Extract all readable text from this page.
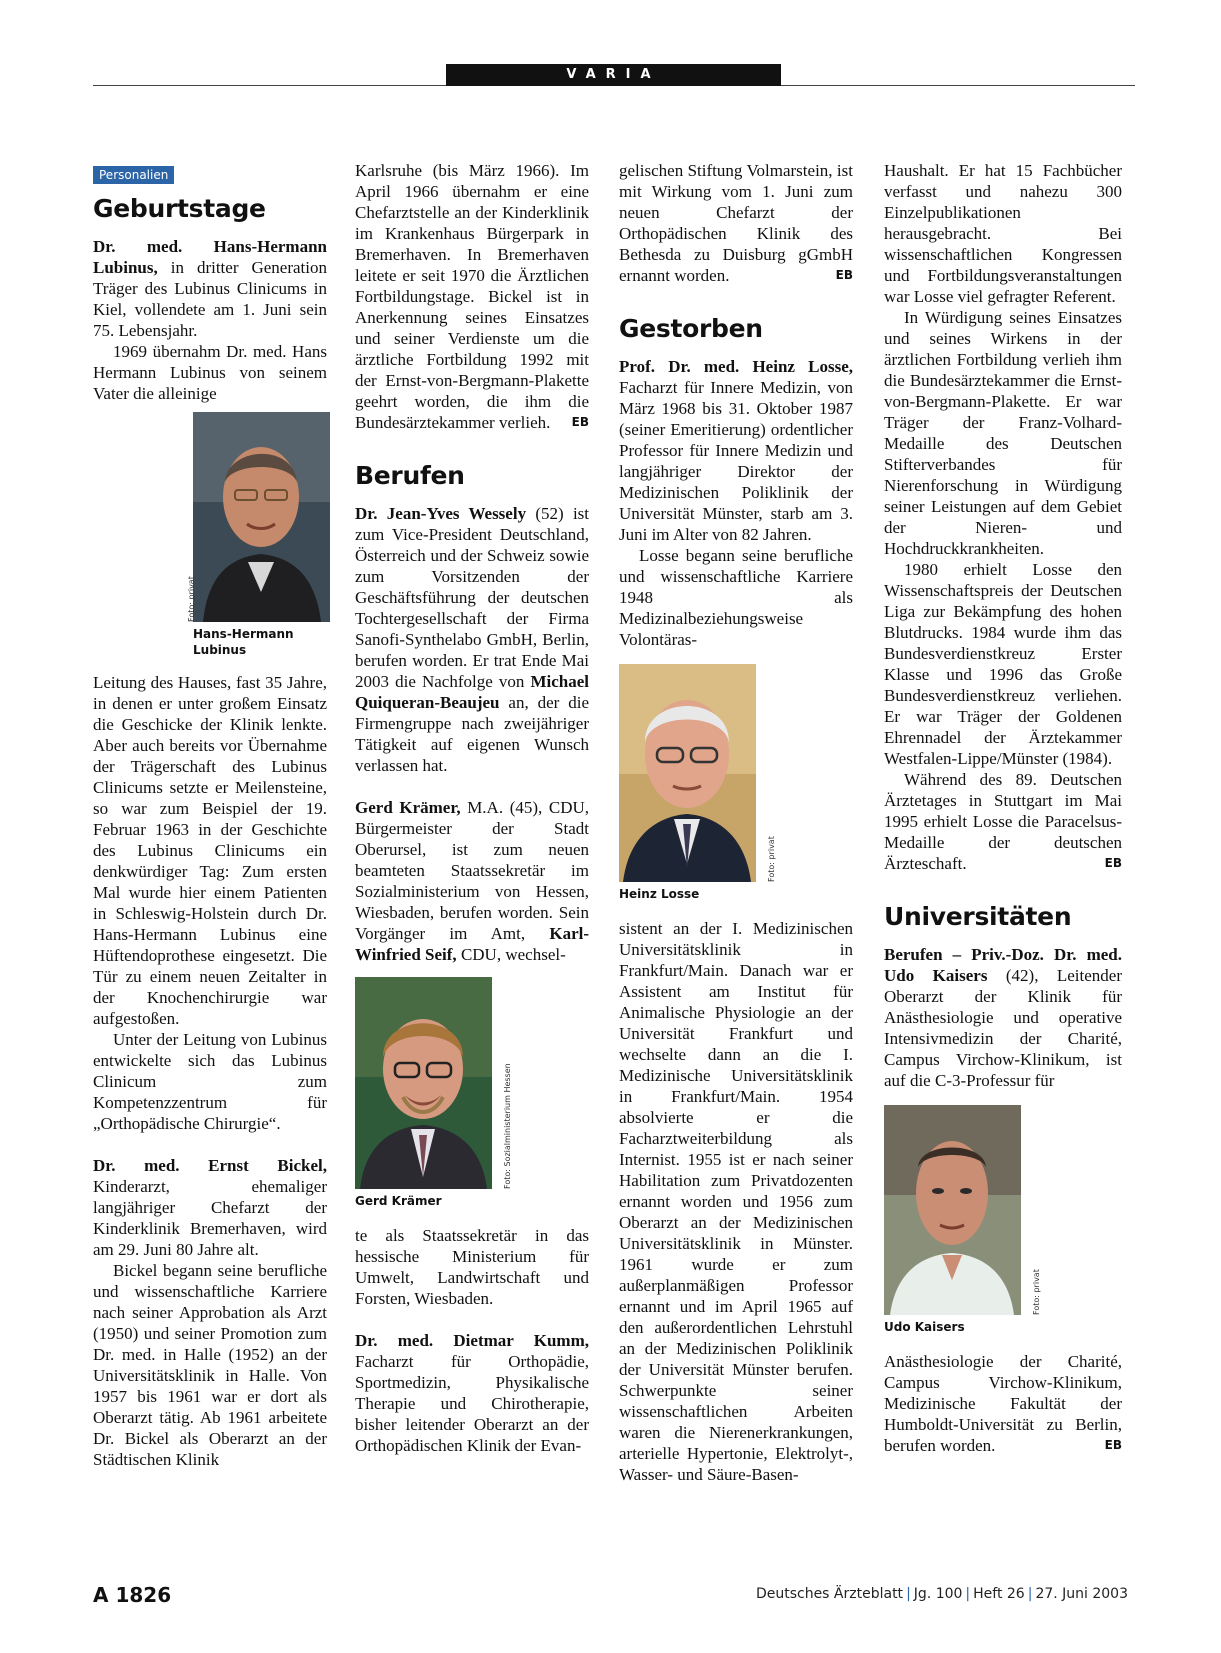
VARIA
Personalien
Geburtstage

Dr. med. Hans-Hermann Lubinus, in dritter Generation Träger des Lubinus Clinicums in Kiel, vollendete am 1. Juni sein 75. Lebensjahr.

1969 übernahm Dr. med. Hans Hermann Lubinus von seinem Vater die alleinige

Foto: privat
Hans-Hermann Lubinus

Leitung des Hauses, fast 35 Jahre, in denen er unter großem Einsatz die Geschicke der Klinik lenkte. Aber auch bereits vor Übernahme der Trägerschaft des Lubinus Clinicums setzte er Meilensteine, so war zum Beispiel der 19. Februar 1963 in der Geschichte des Lubinus Clinicums ein denkwürdiger Tag: Zum ersten Mal wurde hier einem Patienten in Schleswig-Holstein durch Dr. Hans-Hermann Lubinus eine Hüftendoprothese eingesetzt. Die Tür zu einem neuen Zeitalter in der Knochenchirurgie war aufgestoßen.

Unter der Leitung von Lubinus entwickelte sich das Lubinus Clinicum zum Kompetenzzentrum für „Orthopädische Chirurgie“.

Dr. med. Ernst Bickel, Kinderarzt, ehemaliger langjähriger Chefarzt der Kinderklinik Bremerhaven, wird am 29. Juni 80 Jahre alt.

Bickel begann seine berufliche und wissenschaftliche Karriere nach seiner Approbation als Arzt (1950) und seiner Promotion zum Dr. med. in Halle (1952) an der Universitätsklinik in Halle. Von 1957 bis 1961 war er dort als Oberarzt tätig. Ab 1961 arbeitete Dr. Bickel als Oberarzt an der Städtischen Klinik

Karlsruhe (bis März 1966). Im April 1966 übernahm er eine Chefarztstelle an der Kinderklinik im Krankenhaus Bürgerpark in Bremerhaven. In Bremerhaven leitete er seit 1970 die Ärztlichen Fortbildungstage. Bickel ist in Anerkennung seines Einsatzes und seiner Verdienste um die ärztliche Fortbildung 1992 mit der Ernst-von-Bergmann-Plakette geehrt worden, die ihm die Bundesärztekammer verlieh. EB

Berufen

Dr. Jean-Yves Wessely (52) ist zum Vice-President Deutschland, Österreich und der Schweiz sowie zum Vorsitzenden der Geschäftsführung der deutschen Tochtergesellschaft der Firma Sanofi-Synthelabo GmbH, Berlin, berufen worden. Er trat Ende Mai 2003 die Nachfolge von Michael Quiqueran-Beaujeu an, der die Firmengruppe nach zweijähriger Tätigkeit auf eigenen Wunsch verlassen hat.

Gerd Krämer, M.A. (45), CDU, Bürgermeister der Stadt Oberursel, ist zum neuen beamteten Staatssekretär im Sozialministerium von Hessen, Wiesbaden, berufen worden. Sein Vorgänger im Amt, Karl-Winfried Seif, CDU, wechsel-

Foto: Sozialministerium Hessen
Gerd Krämer

te als Staatssekretär in das hessische Ministerium für Umwelt, Landwirtschaft und Forsten, Wiesbaden.

Dr. med. Dietmar Kumm, Facharzt für Orthopädie, Sportmedizin, Physikalische Therapie und Chirotherapie, bisher leitender Oberarzt an der Orthopädischen Klinik der Evan-

gelischen Stiftung Volmarstein, ist mit Wirkung vom 1. Juni zum neuen Chefarzt der Orthopädischen Klinik des Bethesda zu Duisburg gGmbH ernannt worden.	EB

Gestorben

Prof. Dr. med. Heinz Losse, Facharzt für Innere Medizin, von März 1968 bis 31. Oktober 1987 (seiner Emeritierung) ordentlicher Professor für Innere Medizin und langjähriger Direktor der Medizinischen Poliklinik der Universität Münster, starb am 3. Juni im Alter von 82 Jahren.

Losse begann seine berufliche und wissenschaftliche Karriere 1948 als Medizinalbeziehungsweise Volontäras-

Foto: privat
Heinz Losse

sistent an der I. Medizinischen Universitätsklinik in Frankfurt/Main. Danach war er Assistent am Institut für Animalische Physiologie an der Universität Frankfurt und wechselte dann an die I. Medizinische Universitätsklinik in Frankfurt/Main. 1954 absolvierte er die Facharztweiterbildung als Internist. 1955 ist er nach seiner Habilitation zum Privatdozenten ernannt worden und 1956 zum Oberarzt an der Medizinischen Universitätsklinik in Münster. 1961 wurde er zum außerplanmäßigen Professor ernannt und im April 1965 auf den außerordentlichen Lehrstuhl an der Medizinischen Poliklinik der Universität Münster berufen. Schwerpunkte seiner wissenschaftlichen Arbeiten waren die Nierenerkrankungen, arterielle Hypertonie, Elektrolyt-, Wasser- und Säure-Basen-

Haushalt. Er hat 15 Fachbücher verfasst und nahezu 300 Einzelpublikationen herausgebracht. Bei wissenschaftlichen Kongressen und Fortbildungsveranstaltungen war Losse viel gefragter Referent.

In Würdigung seines Einsatzes und seines Wirkens in der ärztlichen Fortbildung verlieh ihm die Bundesärztekammer die Ernst-von-Bergmann-Plakette. Er war Träger der Franz-Volhard-Medaille des Deutschen Stifterverbandes für Nierenforschung in Würdigung seiner Leistungen auf dem Gebiet der Nieren- und Hochdruckkrankheiten.

1980 erhielt Losse den Wissenschaftspreis der Deutschen Liga zur Bekämpfung des hohen Blutdrucks. 1984 wurde ihm das Bundesverdienstkreuz Erster Klasse und 1996 das Große Bundesverdienstkreuz verliehen. Er war Träger der Goldenen Ehrennadel der Ärztekammer Westfalen-Lippe/Münster (1984).

Während des 89. Deutschen Ärztetages in Stuttgart im Mai 1995 erhielt Losse die Paracelsus-Medaille der deutschen Ärzteschaft.	EB

Universitäten

Berufen – Priv.-Doz. Dr. med. Udo Kaisers (42), Leitender Oberarzt der Klinik für Anästhesiologie und operative Intensivmedizin der Charité, Campus Virchow-Klinikum, ist auf die C-3-Professur für

Foto: privat
Udo Kaisers

Anästhesiologie der Charité, Campus Virchow-Klinikum, Medizinische Fakultät der Humboldt-Universität zu Berlin, berufen worden.	EB

A 1826	Deutsches Ärzteblatt | Jg. 100 | Heft 26 | 27. Juni 2003
